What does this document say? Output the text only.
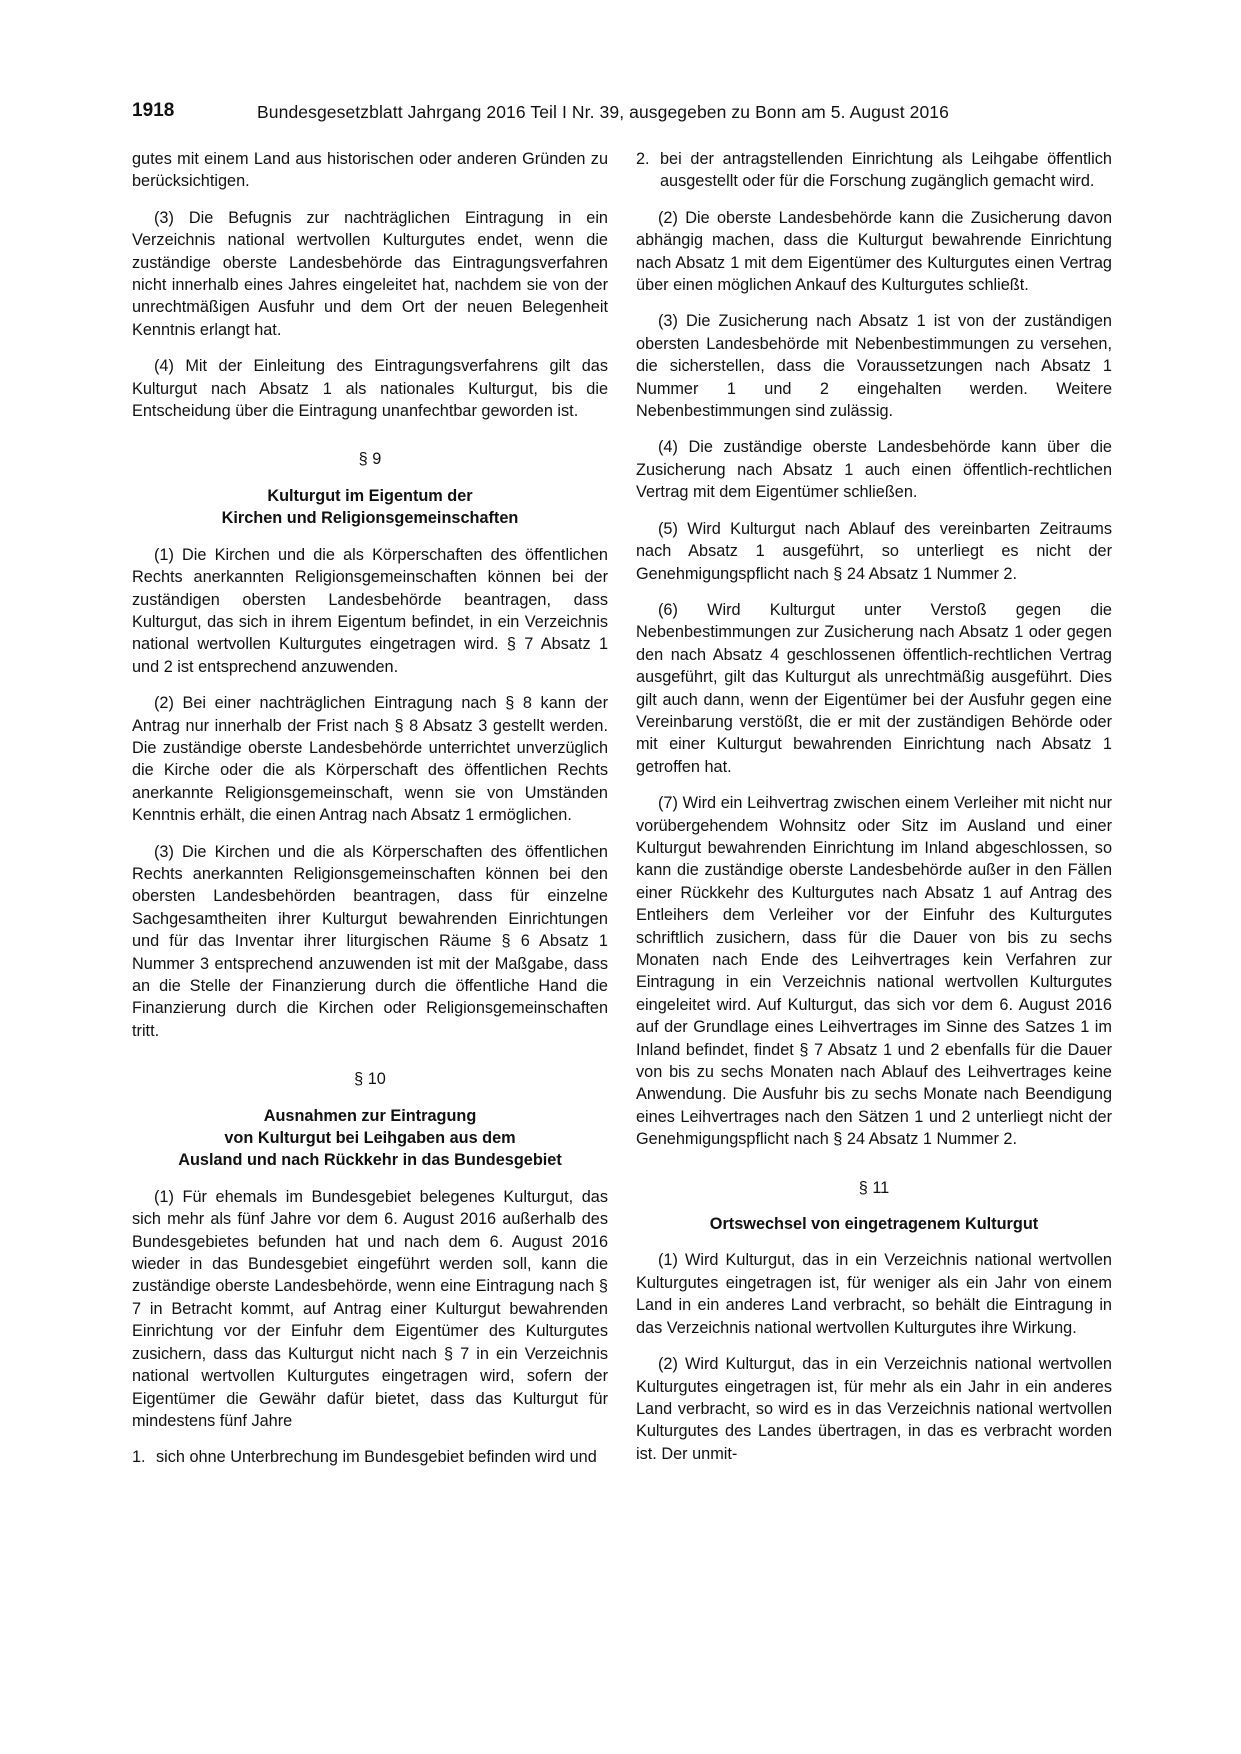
1918	Bundesgesetzblatt Jahrgang 2016 Teil I Nr. 39, ausgegeben zu Bonn am 5. August 2016

gutes mit einem Land aus historischen oder anderen Gründen zu berücksichtigen.

(3) Die Befugnis zur nachträglichen Eintragung in ein Verzeichnis national wertvollen Kulturgutes endet, wenn die zuständige oberste Landesbehörde das Eintragungsverfahren nicht innerhalb eines Jahres eingeleitet hat, nachdem sie von der unrechtmäßigen Ausfuhr und dem Ort der neuen Belegenheit Kenntnis erlangt hat.

(4) Mit der Einleitung des Eintragungsverfahrens gilt das Kulturgut nach Absatz 1 als nationales Kulturgut, bis die Entscheidung über die Eintragung unanfechtbar geworden ist.

§ 9
Kulturgut im Eigentum der
Kirchen und Religionsgemeinschaften

(1) Die Kirchen und die als Körperschaften des öffentlichen Rechts anerkannten Religionsgemeinschaften können bei der zuständigen obersten Landesbehörde beantragen, dass Kulturgut, das sich in ihrem Eigentum befindet, in ein Verzeichnis national wertvollen Kulturgutes eingetragen wird. § 7 Absatz 1 und 2 ist entsprechend anzuwenden.

(2) Bei einer nachträglichen Eintragung nach § 8 kann der Antrag nur innerhalb der Frist nach § 8 Absatz 3 gestellt werden. Die zuständige oberste Landesbehörde unterrichtet unverzüglich die Kirche oder die als Körperschaft des öffentlichen Rechts anerkannte Religionsgemeinschaft, wenn sie von Umständen Kenntnis erhält, die einen Antrag nach Absatz 1 ermöglichen.

(3) Die Kirchen und die als Körperschaften des öffentlichen Rechts anerkannten Religionsgemeinschaften können bei den obersten Landesbehörden beantragen, dass für einzelne Sachgesamtheiten ihrer Kulturgut bewahrenden Einrichtungen und für das Inventar ihrer liturgischen Räume § 6 Absatz 1 Nummer 3 entsprechend anzuwenden ist mit der Maßgabe, dass an die Stelle der Finanzierung durch die öffentliche Hand die Finanzierung durch die Kirchen oder Religionsgemeinschaften tritt.

§ 10
Ausnahmen zur Eintragung
von Kulturgut bei Leihgaben aus dem
Ausland und nach Rückkehr in das Bundesgebiet

(1) Für ehemals im Bundesgebiet belegenes Kulturgut, das sich mehr als fünf Jahre vor dem 6. August 2016 außerhalb des Bundesgebietes befunden hat und nach dem 6. August 2016 wieder in das Bundesgebiet eingeführt werden soll, kann die zuständige oberste Landesbehörde, wenn eine Eintragung nach § 7 in Betracht kommt, auf Antrag einer Kulturgut bewahrenden Einrichtung vor der Einfuhr dem Eigentümer des Kulturgutes zusichern, dass das Kulturgut nicht nach § 7 in ein Verzeichnis national wertvollen Kulturgutes eingetragen wird, sofern der Eigentümer die Gewähr dafür bietet, dass das Kulturgut für mindestens fünf Jahre

1. sich ohne Unterbrechung im Bundesgebiet befinden wird und

2. bei der antragstellenden Einrichtung als Leihgabe öffentlich ausgestellt oder für die Forschung zugänglich gemacht wird.

(2) Die oberste Landesbehörde kann die Zusicherung davon abhängig machen, dass die Kulturgut bewahrende Einrichtung nach Absatz 1 mit dem Eigentümer des Kulturgutes einen Vertrag über einen möglichen Ankauf des Kulturgutes schließt.

(3) Die Zusicherung nach Absatz 1 ist von der zuständigen obersten Landesbehörde mit Nebenbestimmungen zu versehen, die sicherstellen, dass die Voraussetzungen nach Absatz 1 Nummer 1 und 2 eingehalten werden. Weitere Nebenbestimmungen sind zulässig.

(4) Die zuständige oberste Landesbehörde kann über die Zusicherung nach Absatz 1 auch einen öffentlich-rechtlichen Vertrag mit dem Eigentümer schließen.

(5) Wird Kulturgut nach Ablauf des vereinbarten Zeitraums nach Absatz 1 ausgeführt, so unterliegt es nicht der Genehmigungspflicht nach § 24 Absatz 1 Nummer 2.

(6) Wird Kulturgut unter Verstoß gegen die Nebenbestimmungen zur Zusicherung nach Absatz 1 oder gegen den nach Absatz 4 geschlossenen öffentlich-rechtlichen Vertrag ausgeführt, gilt das Kulturgut als unrechtmäßig ausgeführt. Dies gilt auch dann, wenn der Eigentümer bei der Ausfuhr gegen eine Vereinbarung verstößt, die er mit der zuständigen Behörde oder mit einer Kulturgut bewahrenden Einrichtung nach Absatz 1 getroffen hat.

(7) Wird ein Leihvertrag zwischen einem Verleiher mit nicht nur vorübergehendem Wohnsitz oder Sitz im Ausland und einer Kulturgut bewahrenden Einrichtung im Inland abgeschlossen, so kann die zuständige oberste Landesbehörde außer in den Fällen einer Rückkehr des Kulturgutes nach Absatz 1 auf Antrag des Entleihers dem Verleiher vor der Einfuhr des Kulturgutes schriftlich zusichern, dass für die Dauer von bis zu sechs Monaten nach Ende des Leihvertrages kein Verfahren zur Eintragung in ein Verzeichnis national wertvollen Kulturgutes eingeleitet wird. Auf Kulturgut, das sich vor dem 6. August 2016 auf der Grundlage eines Leihvertrages im Sinne des Satzes 1 im Inland befindet, findet § 7 Absatz 1 und 2 ebenfalls für die Dauer von bis zu sechs Monaten nach Ablauf des Leihvertrages keine Anwendung. Die Ausfuhr bis zu sechs Monate nach Beendigung eines Leihvertrages nach den Sätzen 1 und 2 unterliegt nicht der Genehmigungspflicht nach § 24 Absatz 1 Nummer 2.

§ 11
Ortswechsel von eingetragenem Kulturgut

(1) Wird Kulturgut, das in ein Verzeichnis national wertvollen Kulturgutes eingetragen ist, für weniger als ein Jahr von einem Land in ein anderes Land verbracht, so behält die Eintragung in das Verzeichnis national wertvollen Kulturgutes ihre Wirkung.

(2) Wird Kulturgut, das in ein Verzeichnis national wertvollen Kulturgutes eingetragen ist, für mehr als ein Jahr in ein anderes Land verbracht, so wird es in das Verzeichnis national wertvollen Kulturgutes des Landes übertragen, in das es verbracht worden ist. Der unmit-
